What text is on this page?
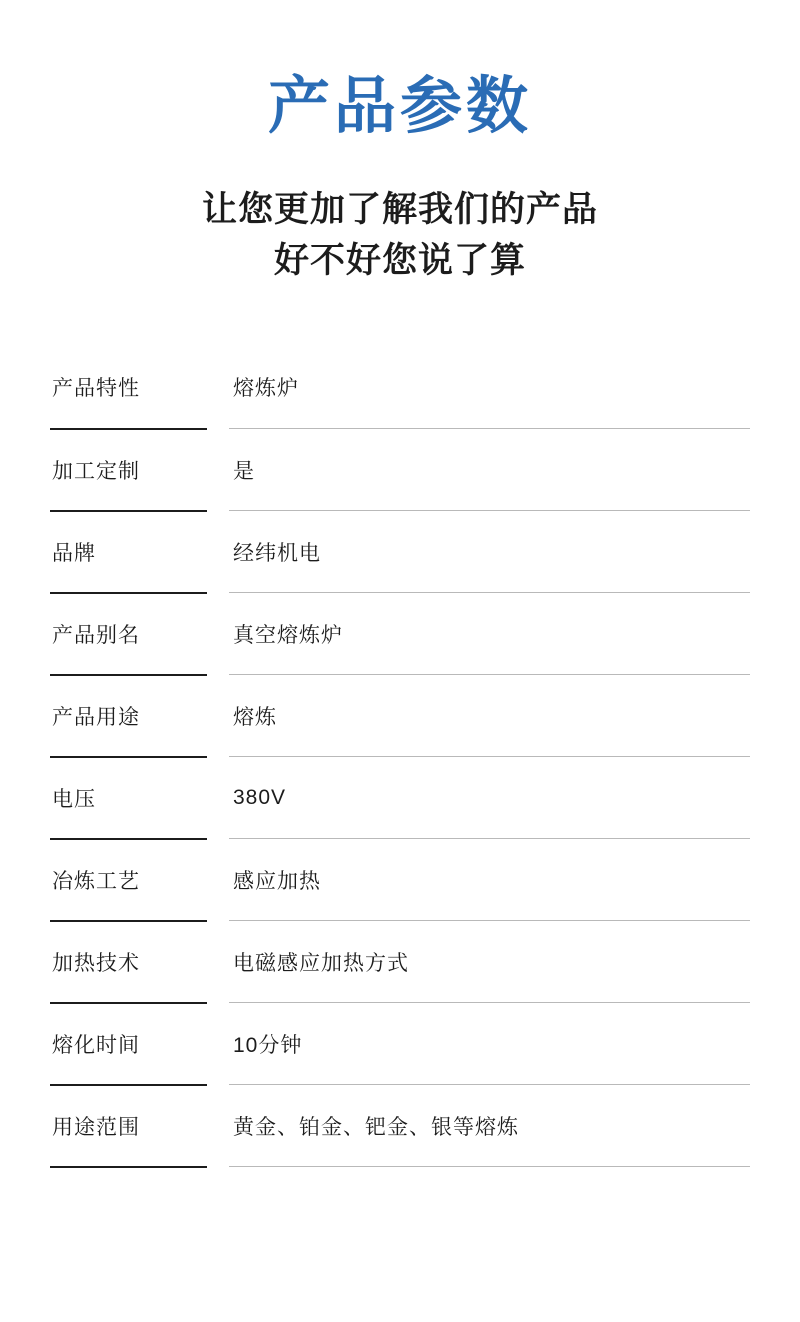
产品参数
让您更加了解我们的产品
好不好您说了算
产品特性		熔炼炉
加工定制		是
品牌		经纬机电
产品别名		真空熔炼炉
产品用途		熔炼
电压		380V
冶炼工艺		感应加热
加热技术		电磁感应加热方式
熔化时间		10分钟
用途范围		黄金、铂金、钯金、银等熔炼
